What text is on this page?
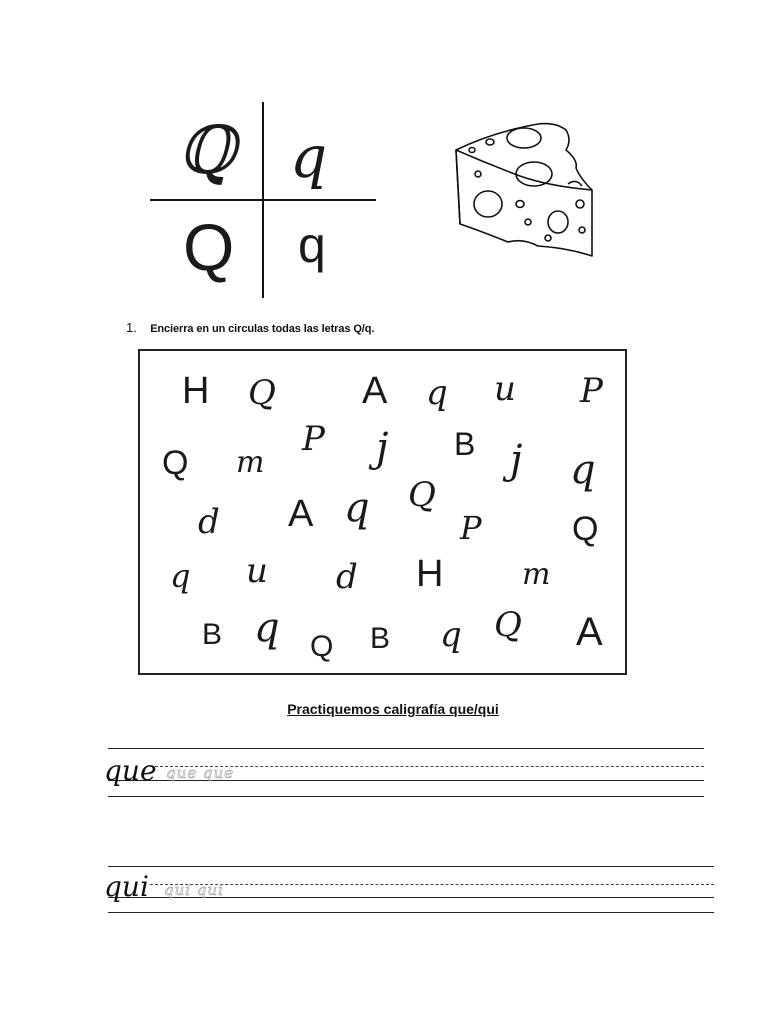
ℚ q
Q q
1. Encierra en un circulas todas las letras Q/q.
H Q A q u P
Q m
P j B j q
d A q Q
P	Q
q u d H	m
B q Q B q Q A
Practiquemos caligrafía que/qui
que que que
qui qui qui
